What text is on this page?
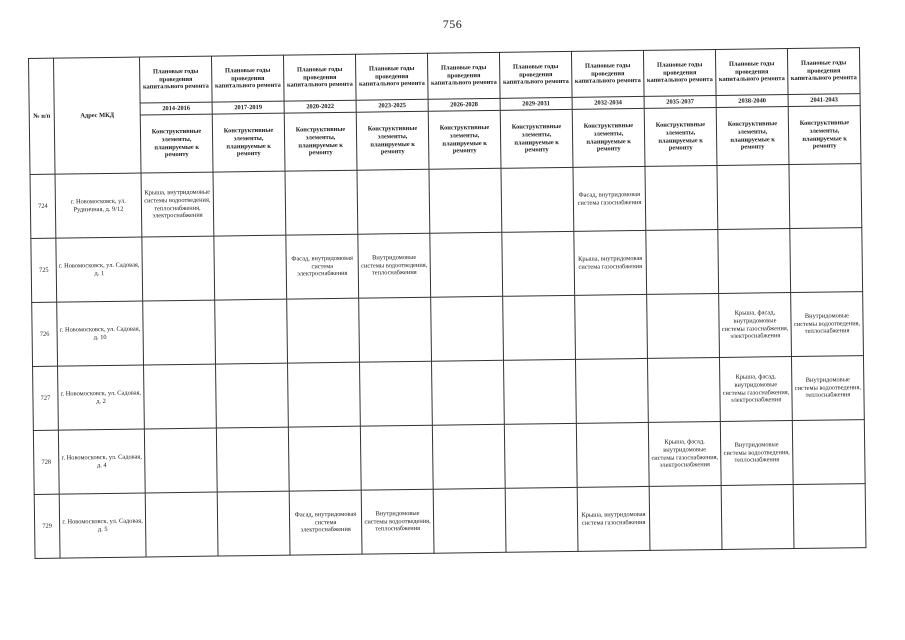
756
№ п/п	Адрес МКД	Плановые годы проведения капитального ремонта	Плановые годы проведения капитального ремонта	Плановые годы проведения капитального ремонта	Плановые годы проведения капитального ремонта	Плановые годы проведения капитального ремонта	Плановые годы проведения капитального ремонта	Плановые годы проведения капитального ремонта	Плановые годы проведения капитального ремонта	Плановые годы проведения капитального ремонта	Плановые годы проведения капитального ремонта
		2014-2016	2017-2019	2020-2022	2023-2025	2026-2028	2029-2031	2032-2034	2035-2037	2038-2040	2041-2043
		Конструктивные элементы, планируемые к ремонту	Конструктивные элементы, планируемые к ремонту	Конструктивные элементы, планируемые к ремонту	Конструктивные элементы, планируемые к ремонту	Конструктивные элементы, планируемые к ремонту	Конструктивные элементы, планируемые к ремонту	Конструктивные элементы, планируемые к ремонту	Конструктивные элементы, планируемые к ремонту	Конструктивные элементы, планируемые к ремонту	Конструктивные элементы, планируемые к ремонту
724	г. Новомосковск, ул. Рудничная, д. 9/12	Крыша, внутридомовые системы водоотведения, теплоснабжения, электроснабжения						Фасад, внутридомовая система газоснабжения			
725	г. Новомосковск, ул. Садовая, д. 1			Фасад, внутридомовая система электроснабжения	Внутридомовые системы водоотведения, теплоснабжения			Крыша, внутридомовая система газоснабжения			
726	г. Новомосковск, ул. Садовая, д. 10									Крыша, фасад, внутридомовые системы газоснабжения, электроснабжения	Внутридомовые системы водоотведения, теплоснабжения
727	г. Новомосковск, ул. Садовая, д. 2									Крыша, фасад, внутридомовые системы газоснабжения, электроснабжения	Внутридомовые системы водоотведения, теплоснабжения
728	г. Новомосковск, ул. Садовая, д. 4								Крыша, фасад, внутридомовые системы газоснабжения, электроснабжения	Внутридомовые системы водоотведения, теплоснабжения	
729	г. Новомосковск, ул. Садовая, д. 5			Фасад, внутридомовая система электроснабжения	Внутридомовые системы водоотведения, теплоснабжения			Крыша, внутридомовая система газоснабжения			
